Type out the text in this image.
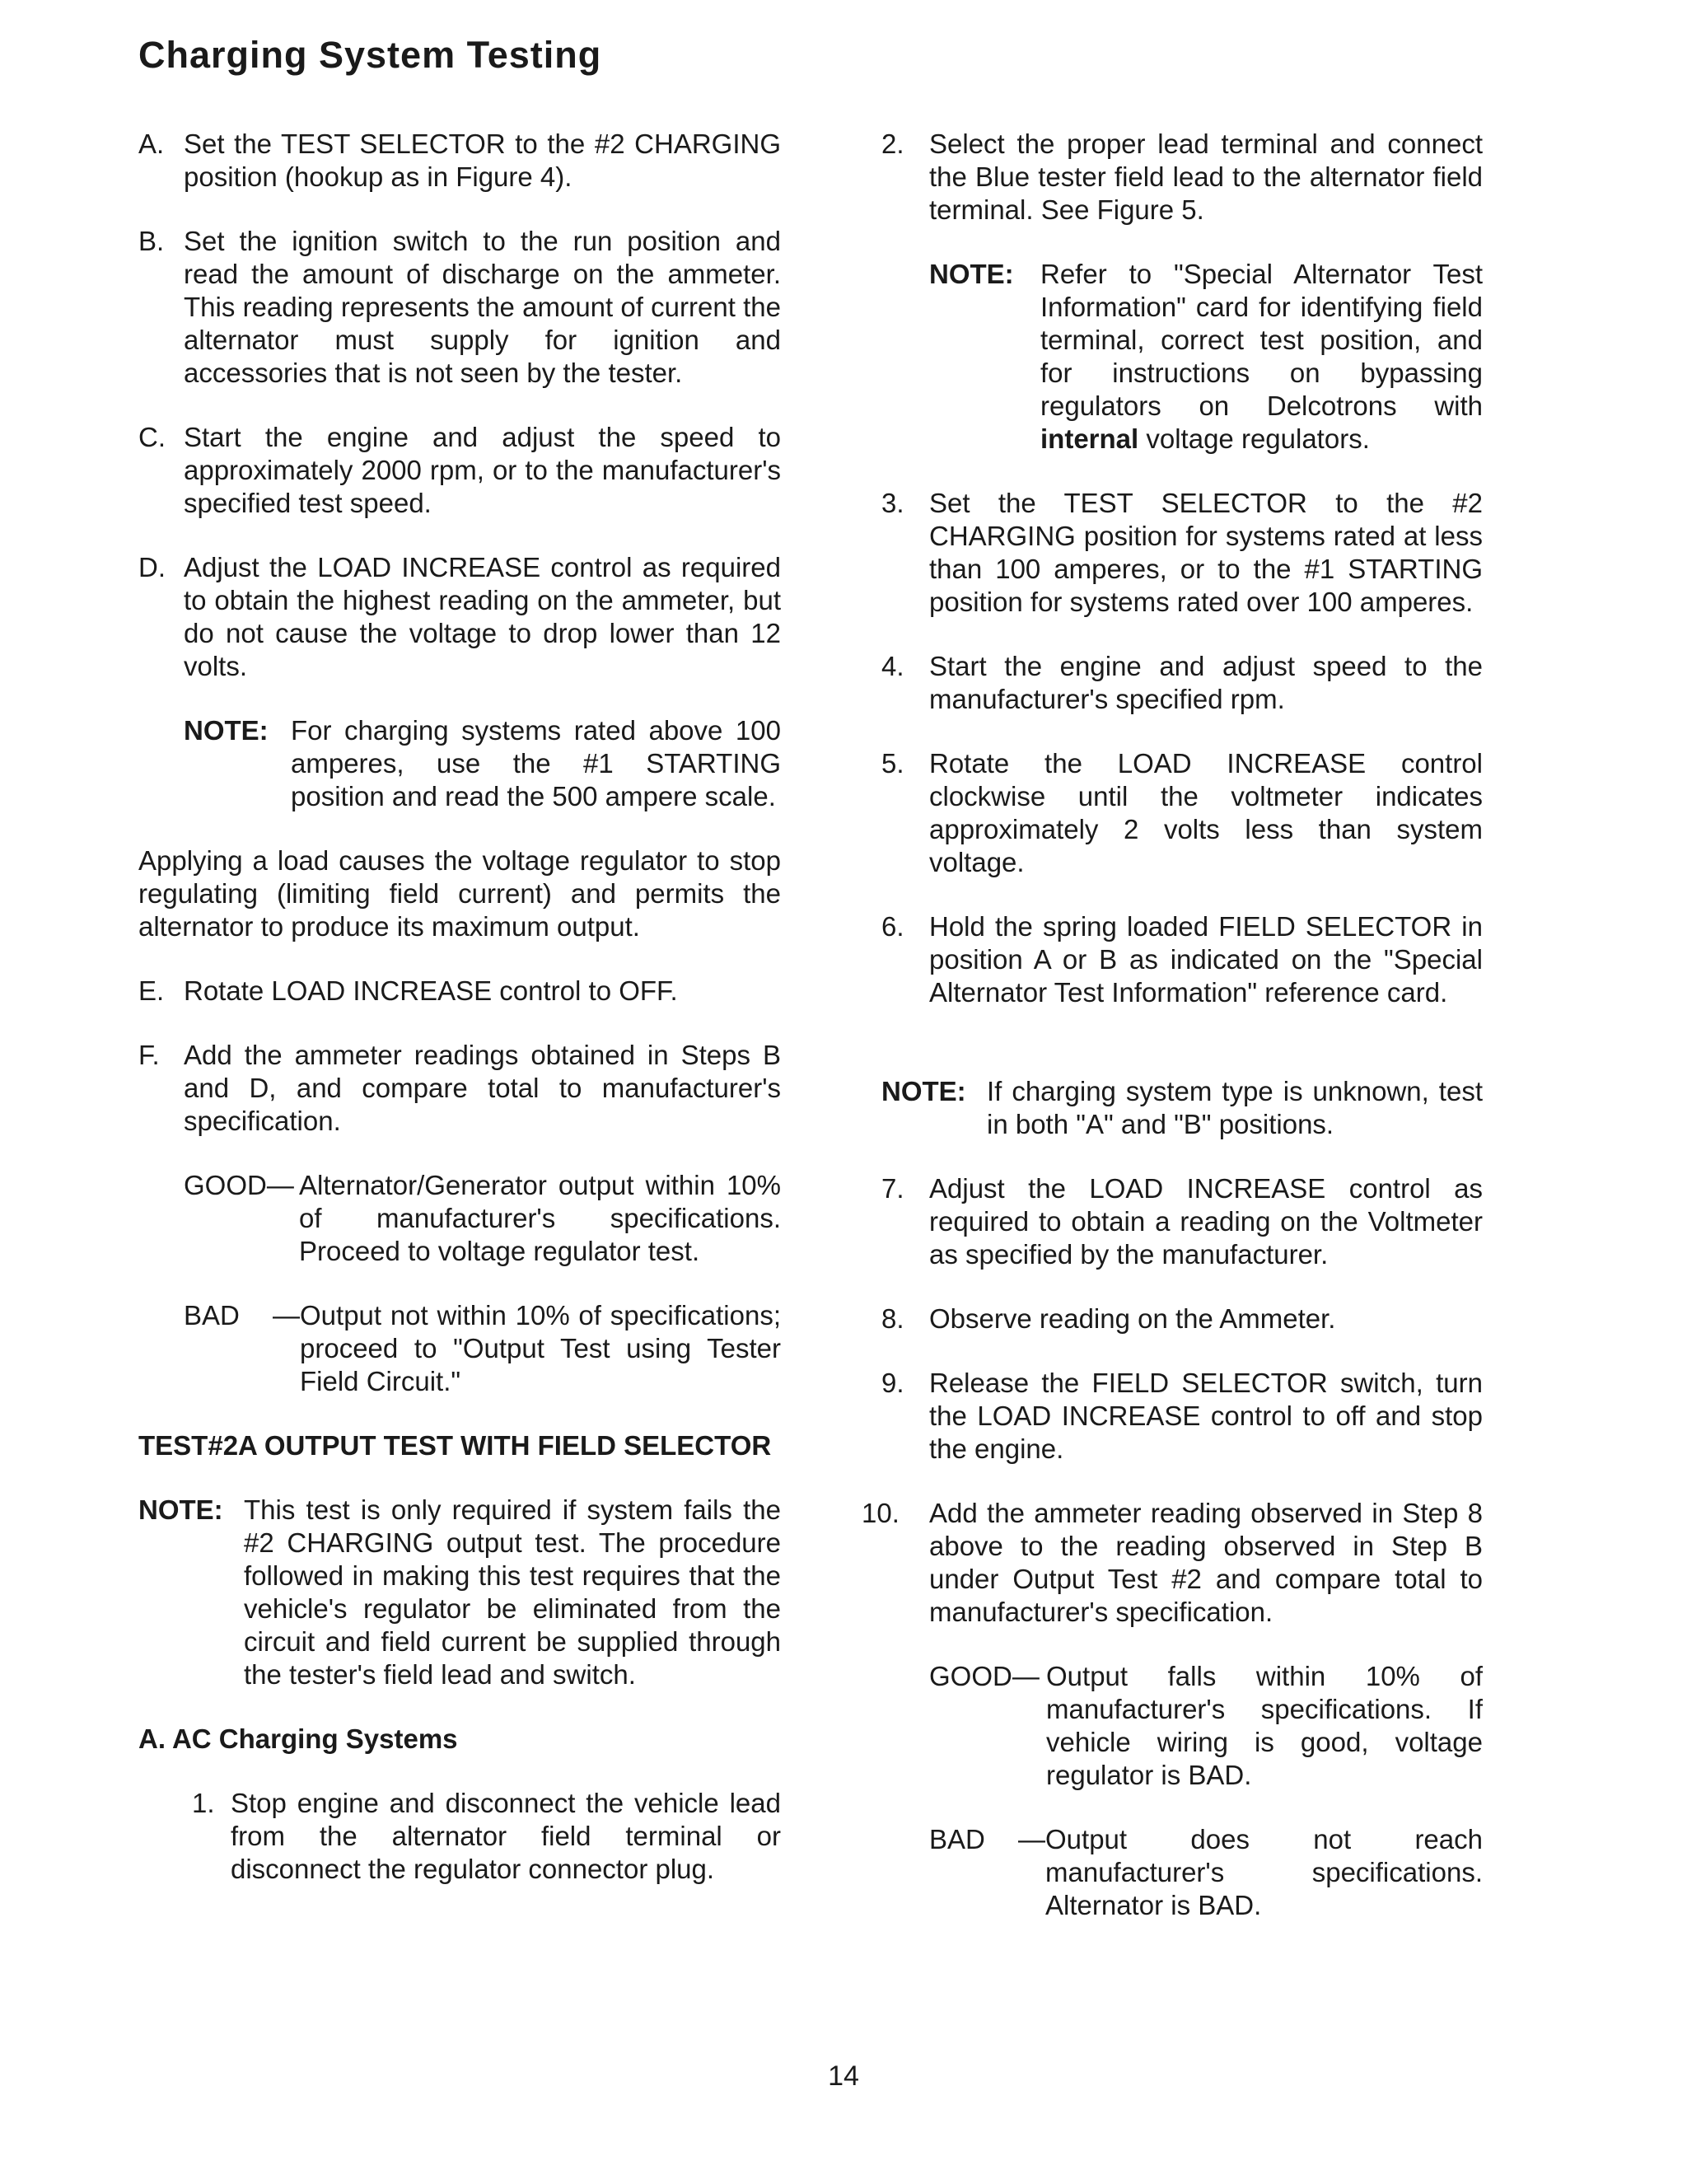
Charging System Testing
A. Set the TEST SELECTOR to the #2 CHARGING position (hookup as in Figure 4).

B. Set the ignition switch to the run position and read the amount of discharge on the ammeter. This reading represents the amount of current the alternator must supply for ignition and accessories that is not seen by the tester.

C. Start the engine and adjust the speed to approximately 2000 rpm, or to the manufacturer's specified test speed.

D. Adjust the LOAD INCREASE control as required to obtain the highest reading on the ammeter, but do not cause the voltage to drop lower than 12 volts.

NOTE: For charging systems rated above 100 amperes, use the #1 STARTING position and read the 500 ampere scale.

Applying a load causes the voltage regulator to stop regulating (limiting field current) and permits the alternator to produce its maximum output.

E. Rotate LOAD INCREASE control to OFF.

F. Add the ammeter readings obtained in Steps B and D, and compare total to manufacturer's specification.

GOOD— Alternator/Generator output within 10% of manufacturer's specifications. Proceed to voltage regulator test.

BAD	— Output not within 10% of specifications; proceed to "Output Test using Tester Field Circuit."

TEST#2A OUTPUT TEST WITH FIELD SELECTOR
NOTE: This test is only required if system fails the #2 CHARGING output test. The procedure followed in making this test requires that the vehicle's regulator be eliminated from the circuit and field current be supplied through the tester's field lead and switch.

A. AC Charging Systems
1. Stop engine and disconnect the vehicle lead from the alternator field terminal or disconnect the regulator connector plug.

2. Select the proper lead terminal and connect the Blue tester field lead to the alternator field terminal. See Figure 5.

NOTE: Refer to "Special Alternator Test Information" card for identifying field terminal, correct test position, and for instructions on bypassing regulators on Delcotrons with internal voltage regulators.

3. Set the TEST SELECTOR to the #2 CHARGING position for systems rated at less than 100 amperes, or to the #1 STARTING position for systems rated over 100 amperes.

4. Start the engine and adjust speed to the manufacturer's specified rpm.

5. Rotate the LOAD INCREASE control clockwise until the voltmeter indicates approximately 2 volts less than system voltage.

6. Hold the spring loaded FIELD SELECTOR in position A or B as indicated on the "Special Alternator Test Information" reference card.

NOTE: If charging system type is unknown, test in both "A" and "B" positions.

7. Adjust the LOAD INCREASE control as required to obtain a reading on the Voltmeter as specified by the manufacturer.

8. Observe reading on the Ammeter.

9. Release the FIELD SELECTOR switch, turn the LOAD INCREASE control to off and stop the engine.

10.	Add the ammeter reading observed in Step 8 above to the reading observed in Step B under Output Test #2 and compare total to manufacturer's specification.

GOOD— Output falls within 10% of manufacturer's specifications. If vehicle wiring is good, voltage regulator is BAD.

BAD	— Output does not reach manufacturer's specifications. Alternator is BAD.

14
